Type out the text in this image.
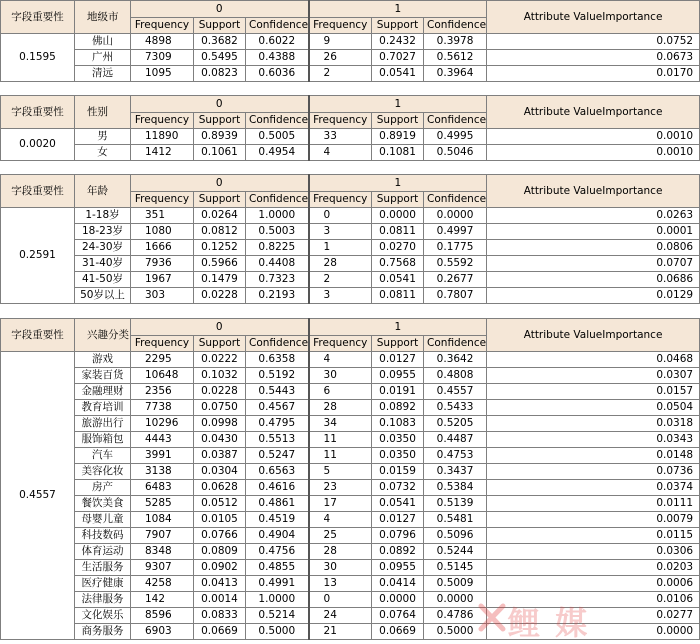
字段重要性	地级市	0			1			Attribute ValueImportance
		Frequency	Support	Confidence	Frequency	Support	Confidence	
0.1595	佛山	4898	0.3682	0.6022	9	0.2432	0.3978	0.0752
	广州	7309	0.5495	0.4388	26	0.7027	0.5612	0.0673
	清远	1095	0.0823	0.6036	2	0.0541	0.3964	0.0170
字段重要性	性别	0			1			Attribute ValueImportance
		Frequency	Support	Confidence	Frequency	Support	Confidence	
0.0020	男	11890	0.8939	0.5005	33	0.8919	0.4995	0.0010
	女	1412	0.1061	0.4954	4	0.1081	0.5046	0.0010
字段重要性	年龄	0			1			Attribute ValueImportance
		Frequency	Support	Confidence	Frequency	Support	Confidence	
0.2591	1-18岁	351	0.0264	1.0000	0	0.0000	0.0000	0.0263
	18-23岁	1080	0.0812	0.5003	3	0.0811	0.4997	0.0001
	24-30岁	1666	0.1252	0.8225	1	0.0270	0.1775	0.0806
	31-40岁	7936	0.5966	0.4408	28	0.7568	0.5592	0.0707
	41-50岁	1967	0.1479	0.7323	2	0.0541	0.2677	0.0686
	50岁以上	303	0.0228	0.2193	3	0.0811	0.7807	0.0129
字段重要性	兴趣分类	0			1			Attribute ValueImportance
		Frequency	Support	Confidence	Frequency	Support	Confidence	
0.4557	游戏	2295	0.0222	0.6358	4	0.0127	0.3642	0.0468
	家装百货	10648	0.1032	0.5192	30	0.0955	0.4808	0.0307
	金融理财	2356	0.0228	0.5443	6	0.0191	0.4557	0.0157
	教育培训	7738	0.0750	0.4567	28	0.0892	0.5433	0.0504
	旅游出行	10296	0.0998	0.4795	34	0.1083	0.5205	0.0318
	服饰箱包	4443	0.0430	0.5513	11	0.0350	0.4487	0.0343
	汽车	3991	0.0387	0.5247	11	0.0350	0.4753	0.0148
	美容化妆	3138	0.0304	0.6563	5	0.0159	0.3437	0.0736
	房产	6483	0.0628	0.4616	23	0.0732	0.5384	0.0374
	餐饮美食	5285	0.0512	0.4861	17	0.0541	0.5139	0.0111
	母婴儿童	1084	0.0105	0.4519	4	0.0127	0.5481	0.0079
	科技数码	7907	0.0766	0.4904	25	0.0796	0.5096	0.0115
	体育运动	8348	0.0809	0.4756	28	0.0892	0.5244	0.0306
	生活服务	9307	0.0902	0.4855	30	0.0955	0.5145	0.0203
	医疗健康	4258	0.0413	0.4991	13	0.0414	0.5009	0.0006
	法律服务	142	0.0014	1.0000	0	0.0000	0.0000	0.0106
	文化娱乐	8596	0.0833	0.5214	24	0.0764	0.4786	0.0277
	商务服务	6903	0.0669	0.5000	21	0.0669	0.5000	0.0000
鲤 媒
